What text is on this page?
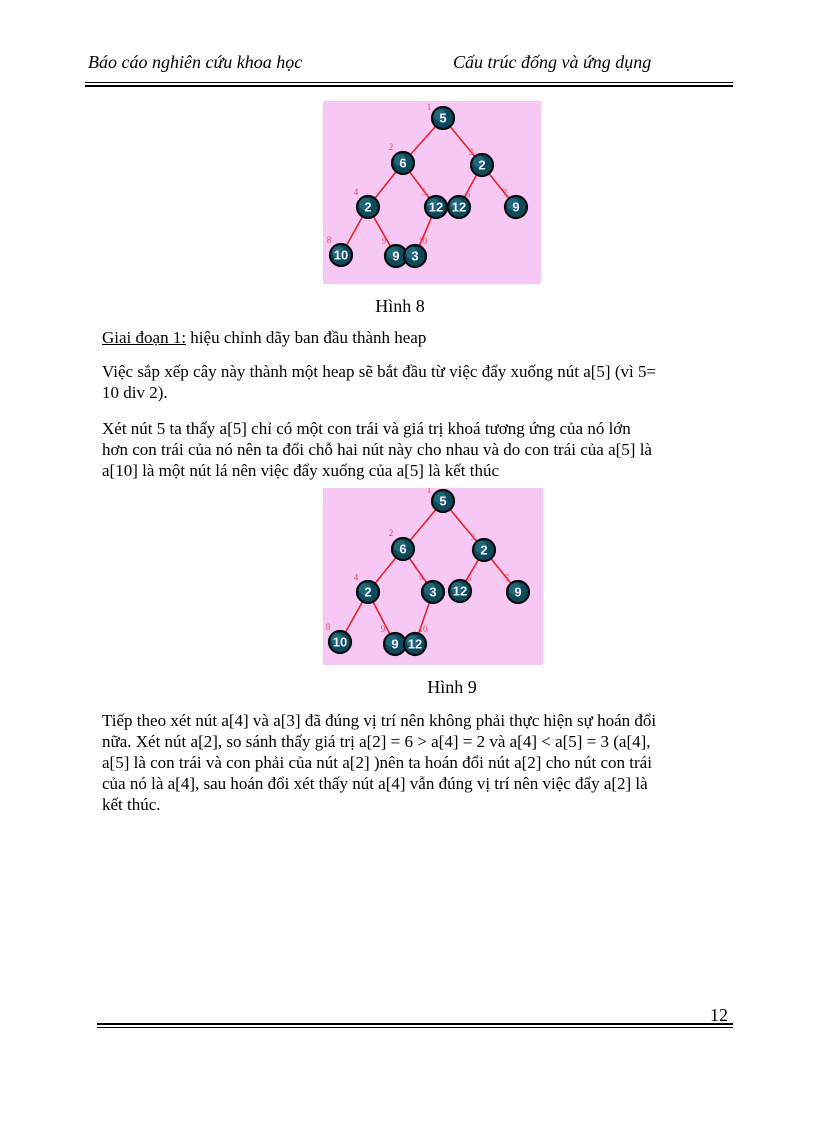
Báo cáo nghiên cứu khoa học	Cấu trúc đống và ứng dụng
5
1
6
2
2
3
2
4
12
5
12
6
9
7
10
8
9
9
3
10
Hình 8

Giai đoạn 1: hiệu chỉnh dãy ban đầu thành heap

Việc sắp xếp cây này thành một heap sẽ bắt đầu từ việc đẩy xuống nút a[5] (vì 5=
10 div 2).

Xét nút 5 ta thấy a[5] chỉ có một con trái và giá trị khoá tương ứng của nó lớn
hơn con trái của nó nên ta đổi chỗ hai nút này cho nhau và do con trái của a[5] là
a[10] là một nút lá nên việc đẩy xuống của a[5] là kết thúc

5
1
6
2
2
3
2
4
3
5
12
6
9
7
10
8
9
9
12
10
Hình 9

Tiếp theo xét nút a[4] và a[3] đã đúng vị trí nên không phải thực hiện sự hoán đổi
nữa. Xét nút a[2], so sánh thấy giá trị a[2] = 6 > a[4] = 2 và a[4] < a[5] = 3 (a[4],
a[5] là con trái và con phải của nút a[2] )nên ta hoán đổi nút a[2] cho nút con trái
của nó là a[4], sau hoán đổi xét thấy nút a[4] vẫn đúng vị trí nên việc đẩy a[2] là
kết thúc.

12
